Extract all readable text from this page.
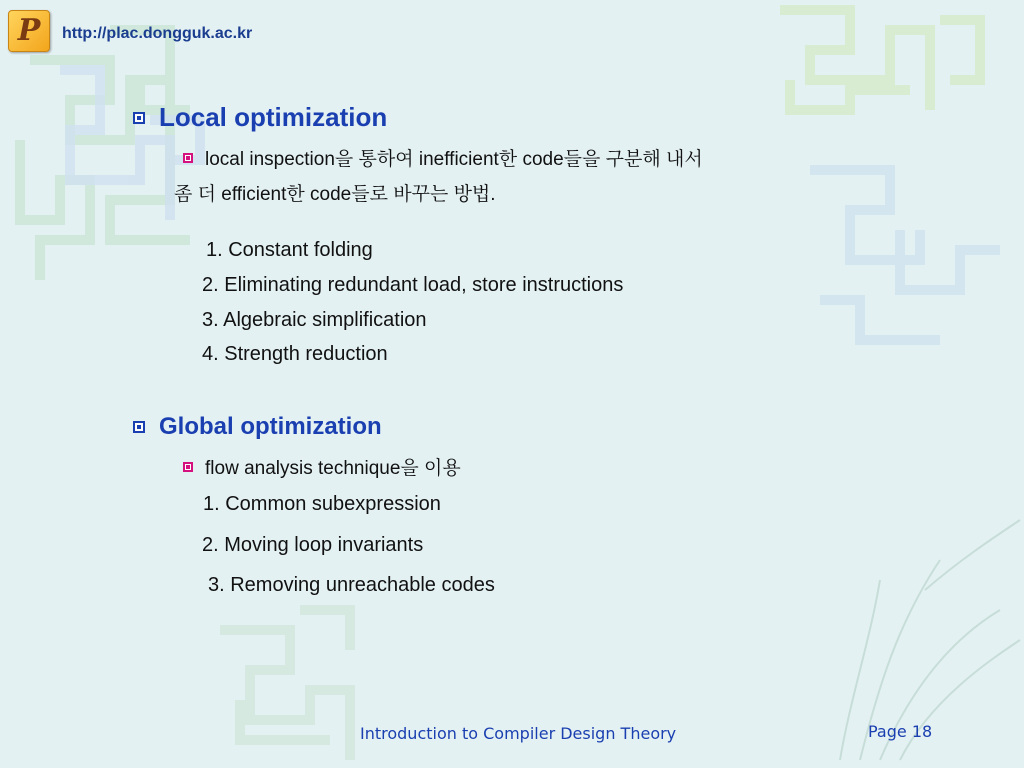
P http://plac.dongguk.ac.kr
Local optimization
local inspection을 통하여 inefficient한 code들을 구분해 내서
좀 더 efficient한 code들로 바꾸는 방법.
1. Constant folding
2. Eliminating redundant load, store instructions
3. Algebraic simplification
4. Strength reduction
Global optimization
flow analysis technique을 이용
1. Common subexpression
2. Moving loop invariants
3. Removing unreachable codes
Introduction to Compiler Design Theory	Page 18
